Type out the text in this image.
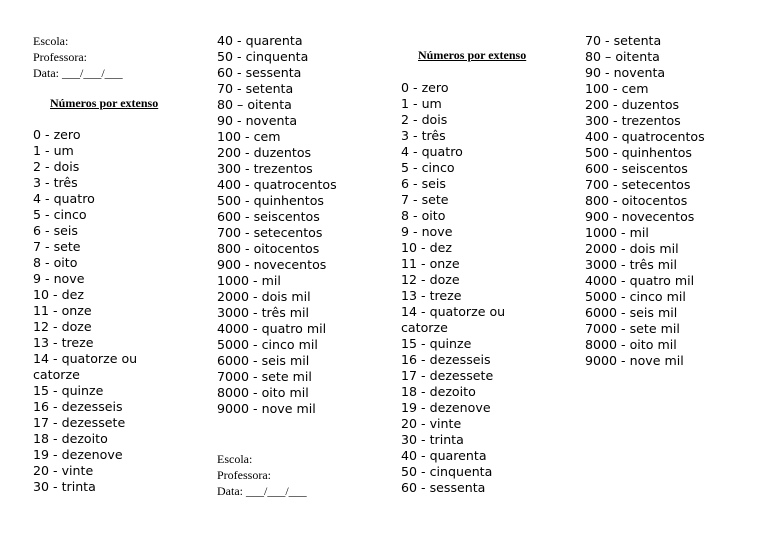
Escola:
Professora:
Data: ___/___/___
Números por extenso
0 - zero
1 - um
2 - dois
3 - três
4 - quatro
5 - cinco
6 - seis
7 - sete
8 - oito
9 - nove
10 - dez
11 - onze
12 - doze
13 - treze
14 - quatorze ou catorze
15 - quinze
16 - dezesseis
17 - dezessete
18 - dezoito
19 - dezenove
20 - vinte
30 - trinta
40 - quarenta
50 - cinquenta
60 - sessenta
70 - setenta
80 – oitenta
90 - noventa
100 - cem
200 - duzentos
300 - trezentos
400 - quatrocentos
500 - quinhentos
600 - seiscentos
700 - setecentos
800 - oitocentos
900 - novecentos
1000 - mil
2000 - dois mil
3000 - três mil
4000 - quatro mil
5000 - cinco mil
6000 - seis mil
7000 - sete mil
8000 - oito mil
9000 - nove mil
Escola:
Professora:
Data: ___/___/___
Números por extenso
0 - zero
1 - um
2 - dois
3 - três
4 - quatro
5 - cinco
6 - seis
7 - sete
8 - oito
9 - nove
10 - dez
11 - onze
12 - doze
13 - treze
14 - quatorze ou catorze
15 - quinze
16 - dezesseis
17 - dezessete
18 - dezoito
19 - dezenove
20 - vinte
30 - trinta
40 - quarenta
50 - cinquenta
60 - sessenta
70 - setenta
80 – oitenta
90 - noventa
100 - cem
200 - duzentos
300 - trezentos
400 - quatrocentos
500 - quinhentos
600 - seiscentos
700 - setecentos
800 - oitocentos
900 - novecentos
1000 - mil
2000 - dois mil
3000 - três mil
4000 - quatro mil
5000 - cinco mil
6000 - seis mil
7000 - sete mil
8000 - oito mil
9000 - nove mil
